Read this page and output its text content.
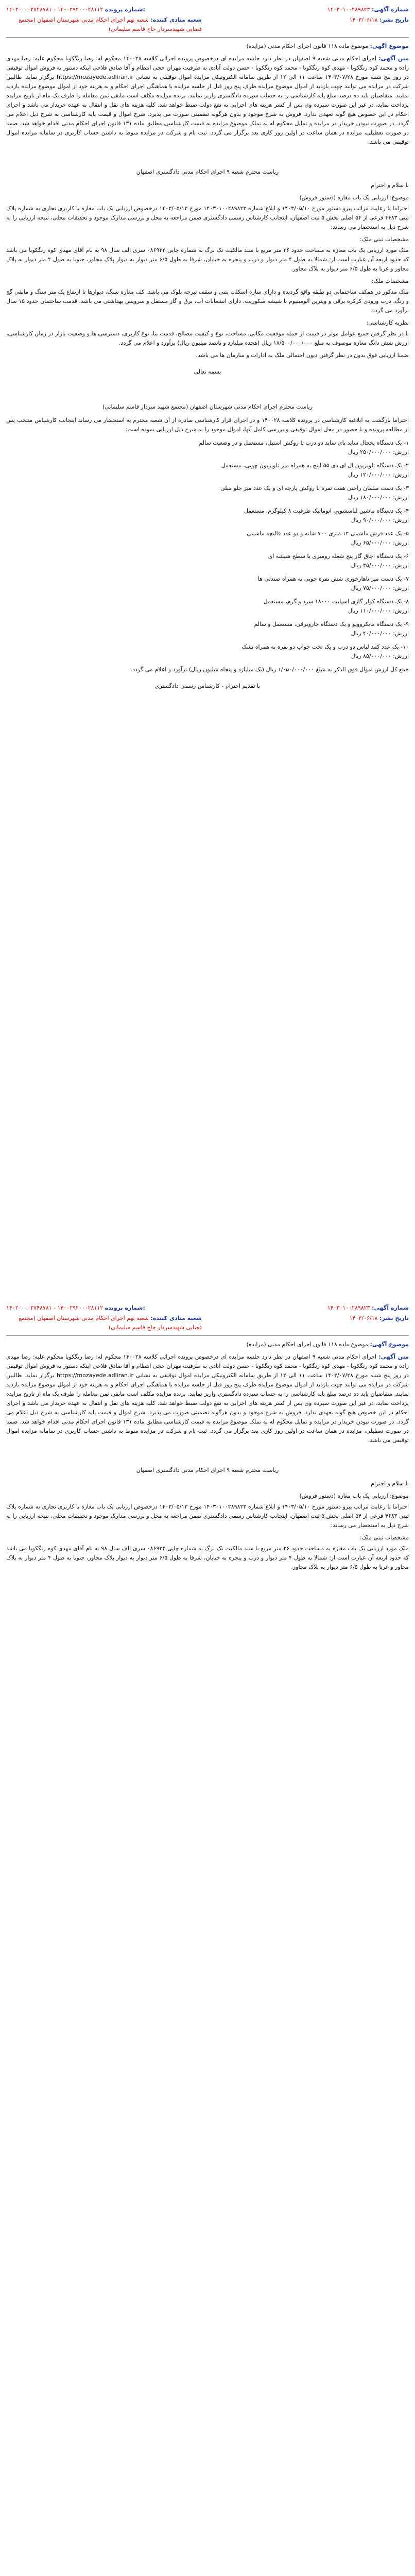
شماره آگهی: ۱۴۰۳۰۱۰۰۲۸۹۸۲۳
۱۴۰۲۰۰۰۰۲۷۴۸۷۸۱ - ۱۴۰۰۲۹۲۰۰۰۲۸۱۱۲ شماره پرونده:
تاریخ نشر: ۱۴۰۳/۰۶/۱۸
شعبه منادی کننده: شعبه نهم اجرای احکام مدنی شهرستان اصفهان (مجتمع قضایی شهیدسردار حاج قاسم سلیمانی)
موضوع آگهی: موضوع ماده ۱۱۸ قانون اجرای احکام مدنی (مزایده)
متن آگهی: اجرای احکام مدنی شعبه ۹ اصفهان در نظر دارد جلسه مزایده ای درخصوص پرونده اجرائی کلاسه ۱۴۰۰۲۸ محکوم له: رضا رنگکوبا محکوم علیه: رضا مهدی زاده و محمد کوه رنگکوبا - مهدی کوه رنگکوبا - محمد کوه رنگکوبا - حسن دولت آبادی به طرفیت مهران حجی انتظام و آقا صادق فلاحی اینکه دستور به فروش اموال توقیفی در روز پنج شنبه مورخ ۱۴۰۳/۰۷/۲۸ ساعت ۱۱ الی ۱۲ از طریق سامانه الکترونیکی مزایده اموال توقیفی به نشانی https://mozayede.adliran.ir برگزار نماید. طالبین شرکت در مزایده می توانند جهت بازدید از اموال موضوع مزایده ظرف پنج روز قبل از جلسه مزایده با هماهنگی اجرای احکام و به هزینه خود از اموال موضوع مزایده بازدید نمایند. متقاضیان باید ده درصد مبلغ پایه کارشناسی را به حساب سپرده دادگستری واریز نمایند. برنده مزایده مکلف است مابقی ثمن معامله را ظرف یک ماه از تاریخ مزایده پرداخت نماید، در غیر این صورت سپرده وی پس از کسر هزینه های اجرایی به نفع دولت ضبط خواهد شد. کلیه هزینه های نقل و انتقال به عهده خریدار می باشد و اجرای احکام در این خصوص هیچ گونه تعهدی ندارد. فروش به شرح موجود و بدون هرگونه تضمینی صورت می پذیرد. شرح اموال و قیمت پایه کارشناسی به شرح ذیل اعلام می گردد. در صورت نبودن خریدار در مزایده و تمایل محکوم له به تملک موضوع مزایده به قیمت کارشناسی مطابق ماده ۱۳۱ قانون اجرای احکام مدنی اقدام خواهد شد. ضمنا در صورت تعطیلی، مزایده در همان ساعت در اولین روز کاری بعد برگزار می گردد. ثبت نام و شرکت در مزایده منوط به داشتن حساب کاربری در سامانه مزایده اموال توقیفی می باشد.
ریاست محترم شعبه ۹ اجرای احکام مدنی دادگستری اصفهان
با سلام و احترام
موضوع: ارزیابی یک باب مغازه (دستور فروش)
احتراما با رعایت مراتب پیرو دستور مورخ ۱۴۰۳/۰۵/۱۰ و ابلاغ شماره ۱۴۰۳۰۱۰۰۲۸۹۸۲۳ مورخ ۱۴۰۳/۰۵/۱۳ درخصوص ارزیابی یک باب مغازه با کاربری تجاری به شماره پلاک ثبتی ۴۶۸۳ فرعی از ۵۴ اصلی بخش ۵ ثبت اصفهان، اینجانب کارشناس رسمی دادگستری ضمن مراجعه به محل و بررسی مدارک موجود و تحقیقات محلی، نتیجه ارزیابی را به شرح ذیل به استحضار می رساند:
مشخصات ثبتی ملک:
ملک مورد ارزیابی یک باب مغازه به مساحت حدود ۲۶ متر مربع با سند مالکیت تک برگ به شماره چاپی ۰۸۶۹۳۲ سری الف سال ۹۸ به نام آقای مهدی کوه رنگکوبا می باشد که حدود اربعه آن عبارت است از: شمالا به طول ۴ متر دیوار و درب و پنجره به خیابان، شرقا به طول ۶/۵ متر دیوار به دیوار پلاک مجاور، جنوبا به طول ۴ متر دیوار به پلاک مجاور و غربا به طول ۶/۵ متر دیوار به پلاک مجاور.
مشخصات ملک:
ملک مذکور در همکف ساختمانی دو طبقه واقع گردیده و دارای سازه اسکلت بتنی و سقف تیرچه بلوک می باشد. کف مغازه سنگ، دیوارها تا ارتفاع یک متر سنگ و مابقی گچ و رنگ، درب ورودی کرکره برقی و ویترین آلومینیوم با شیشه سکوریت، دارای انشعابات آب، برق و گاز مستقل و سرویس بهداشتی می باشد. قدمت ساختمان حدود ۱۵ سال برآورد می گردد.
نظریه کارشناسی:
با در نظر گرفتن جمیع عوامل موثر در قیمت از جمله موقعیت مکانی، مساحت، نوع و کیفیت مصالح، قدمت بنا، نوع کاربری، دسترسی ها و وضعیت بازار در زمان کارشناسی، ارزش شش دانگ مغازه موصوف به مبلغ ۱۸/۵۰۰/۰۰۰/۰۰۰ ریال (هجده میلیارد و پانصد میلیون ریال) برآورد و اعلام می گردد.
ضمنا ارزیابی فوق بدون در نظر گرفتن دیون احتمالی ملک به ادارات و سازمان ها می باشد.
بسمه تعالی
ریاست محترم اجرای احکام مدنی شهرستان اصفهان (مجتمع شهید سردار قاسم سلیمانی)
احتراما بازگشت به ابلاغیه کارشناسی در پرونده کلاسه ۱۴۰۰۲۸ و در اجرای قرار کارشناسی صادره از آن شعبه محترم به استحضار می رساند اینجانب کارشناس منتخب پس از مطالعه پرونده و با حضور در محل اموال توقیفی و بررسی کامل آنها، اموال موجود را به شرح ذیل ارزیابی نموده است:
۱- یک دستگاه یخچال ساید بای ساید دو درب با روکش استیل، مستعمل و در وضعیت سالم
ارزش: ۲۵۰/۰۰۰/۰۰۰ ریال
۲- یک دستگاه تلویزیون ال ای دی ۵۵ اینچ به همراه میز تلویزیون چوبی، مستعمل
ارزش: ۱۲۰/۰۰۰/۰۰۰ ریال
۳- یک دست مبلمان راحتی هفت نفره با روکش پارچه ای و یک عدد میز جلو مبلی
ارزش: ۱۸۰/۰۰۰/۰۰۰ ریال
۴- یک دستگاه ماشین لباسشویی اتوماتیک ظرفیت ۸ کیلوگرم، مستعمل
ارزش: ۹۰/۰۰۰/۰۰۰ ریال
۵- یک عدد فرش ماشینی ۱۲ متری ۷۰۰ شانه و دو عدد قالیچه ماشینی
ارزش: ۶۵/۰۰۰/۰۰۰ ریال
۶- یک دستگاه اجاق گاز پنج شعله رومیزی با سطح شیشه ای
ارزش: ۳۵/۰۰۰/۰۰۰ ریال
۷- یک دست میز ناهارخوری شش نفره چوبی به همراه صندلی ها
ارزش: ۷۵/۰۰۰/۰۰۰ ریال
۸- یک دستگاه کولر گازی اسپلیت ۱۸۰۰۰ سرد و گرم، مستعمل
ارزش: ۱۱۰/۰۰۰/۰۰۰ ریال
۹- یک دستگاه مایکروویو و یک دستگاه جاروبرقی، مستعمل و سالم
ارزش: ۴۰/۰۰۰/۰۰۰ ریال
۱۰- یک عدد کمد لباس دو درب و یک تخت خواب دو نفره به همراه تشک
ارزش: ۸۵/۰۰۰/۰۰۰ ریال
جمع کل ارزش اموال فوق الذکر به مبلغ ۱/۰۵۰/۰۰۰/۰۰۰ ریال (یک میلیارد و پنجاه میلیون ریال) برآورد و اعلام می گردد.
با تقدیم احترام - کارشناس رسمی دادگستری
شماره آگهی: ۱۴۰۳۰۱۰۰۲۸۹۸۲۳
۱۴۰۲۰۰۰۰۲۷۴۸۷۸۱ - ۱۴۰۰۲۹۲۰۰۰۲۸۱۱۲ شماره پرونده:
تاریخ نشر: ۱۴۰۳/۰۶/۱۸
شعبه منادی کننده: شعبه نهم اجرای احکام مدنی شهرستان اصفهان (مجتمع قضایی شهیدسردار حاج قاسم سلیمانی)
موضوع آگهی: موضوع ماده ۱۱۸ قانون اجرای احکام مدنی (مزایده)
متن آگهی: اجرای احکام مدنی شعبه ۹ اصفهان در نظر دارد جلسه مزایده ای درخصوص پرونده اجرائی کلاسه ۱۴۰۰۲۸ محکوم له: رضا رنگکوبا محکوم علیه: رضا مهدی زاده و محمد کوه رنگکوبا - مهدی کوه رنگکوبا - محمد کوه رنگکوبا - حسن دولت آبادی به طرفیت مهران حجی انتظام و آقا صادق فلاحی اینکه دستور به فروش اموال توقیفی در روز پنج شنبه مورخ ۱۴۰۳/۰۷/۲۸ ساعت ۱۱ الی ۱۲ از طریق سامانه الکترونیکی مزایده اموال توقیفی به نشانی https://mozayede.adliran.ir برگزار نماید. طالبین شرکت در مزایده می توانند جهت بازدید از اموال موضوع مزایده ظرف پنج روز قبل از جلسه مزایده با هماهنگی اجرای احکام و به هزینه خود از اموال موضوع مزایده بازدید نمایند. متقاضیان باید ده درصد مبلغ پایه کارشناسی را به حساب سپرده دادگستری واریز نمایند. برنده مزایده مکلف است مابقی ثمن معامله را ظرف یک ماه از تاریخ مزایده پرداخت نماید، در غیر این صورت سپرده وی پس از کسر هزینه های اجرایی به نفع دولت ضبط خواهد شد. کلیه هزینه های نقل و انتقال به عهده خریدار می باشد و اجرای احکام در این خصوص هیچ گونه تعهدی ندارد. فروش به شرح موجود و بدون هرگونه تضمینی صورت می پذیرد. شرح اموال و قیمت پایه کارشناسی به شرح ذیل اعلام می گردد. در صورت نبودن خریدار در مزایده و تمایل محکوم له به تملک موضوع مزایده به قیمت کارشناسی مطابق ماده ۱۳۱ قانون اجرای احکام مدنی اقدام خواهد شد. ضمنا در صورت تعطیلی، مزایده در همان ساعت در اولین روز کاری بعد برگزار می گردد. ثبت نام و شرکت در مزایده منوط به داشتن حساب کاربری در سامانه مزایده اموال توقیفی می باشد.
ریاست محترم شعبه ۹ اجرای احکام مدنی دادگستری اصفهان
با سلام و احترام
موضوع: ارزیابی یک باب مغازه (دستور فروش)
احتراما با رعایت مراتب پیرو دستور مورخ ۱۴۰۳/۰۵/۱۰ و ابلاغ شماره ۱۴۰۳۰۱۰۰۲۸۹۸۲۳ مورخ ۱۴۰۳/۰۵/۱۳ درخصوص ارزیابی یک باب مغازه با کاربری تجاری به شماره پلاک ثبتی ۴۶۸۳ فرعی از ۵۴ اصلی بخش ۵ ثبت اصفهان، اینجانب کارشناس رسمی دادگستری ضمن مراجعه به محل و بررسی مدارک موجود و تحقیقات محلی، نتیجه ارزیابی را به شرح ذیل به استحضار می رساند:
مشخصات ثبتی ملک:
ملک مورد ارزیابی یک باب مغازه به مساحت حدود ۲۶ متر مربع با سند مالکیت تک برگ به شماره چاپی ۰۸۶۹۳۲ سری الف سال ۹۸ به نام آقای مهدی کوه رنگکوبا می باشد که حدود اربعه آن عبارت است از: شمالا به طول ۴ متر دیوار و درب و پنجره به خیابان، شرقا به طول ۶/۵ متر دیوار به دیوار پلاک مجاور، جنوبا به طول ۴ متر دیوار به پلاک مجاور و غربا به طول ۶/۵ متر دیوار به پلاک مجاور.
